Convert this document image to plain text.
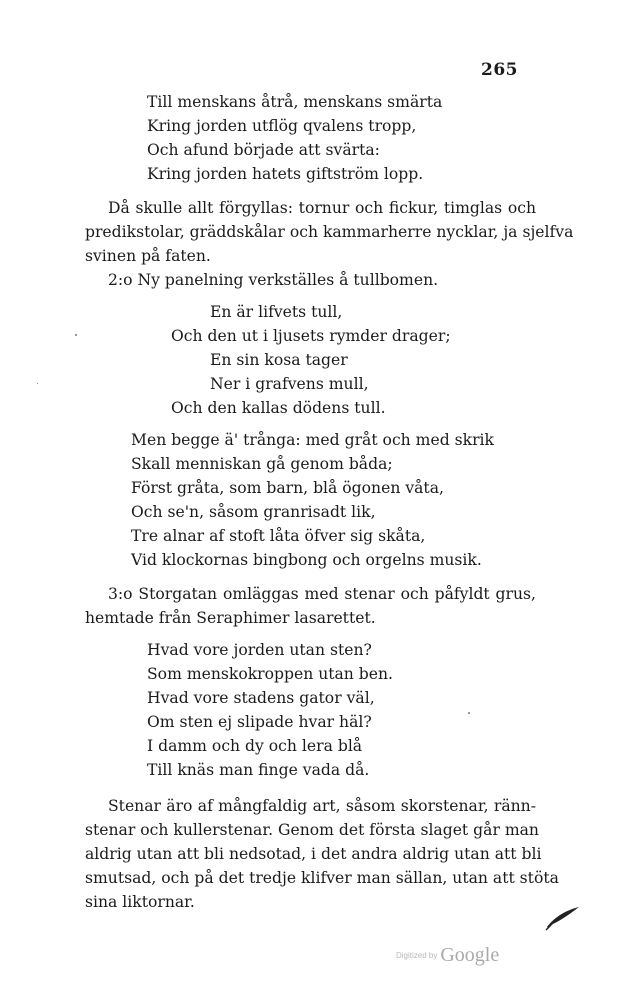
265
Till menskans åtrå, menskans smärta
Kring jorden utflög qvalens tropp,
Och afund började att svärta:
Kring jorden hatets giftström lopp.
Då skulle allt förgyllas: tornur och fickur, timglas och
predikstolar, gräddskålar och kammarherre nycklar, ja sjelfva
svinen på faten.
2:o Ny panelning verkställes å tullbomen.
En är lifvets tull,
Och den ut i ljusets rymder drager;
En sin kosa tager
Ner i grafvens mull,
Och den kallas dödens tull.
Men begge ä' trånga: med gråt och med skrik
Skall menniskan gå genom båda;
Först gråta, som barn, blå ögonen våta,
Och se'n, såsom granrisadt lik,
Tre alnar af stoft låta öfver sig skåta,
Vid klockornas bingbong och orgelns musik.
3:o Storgatan omläggas med stenar och påfyldt grus,
hemtade från Seraphimer lasarettet.
Hvad vore jorden utan sten?
Som menskokroppen utan ben.
Hvad vore stadens gator väl,
Om sten ej slipade hvar häl?
I damm och dy och lera blå
Till knäs man finge vada då.
Stenar äro af mångfaldig art, såsom skorstenar, ränn-
stenar och kullerstenar. Genom det första slaget går man
aldrig utan att bli nedsotad, i det andra aldrig utan att bli
smutsad, och på det tredje klifver man sällan, utan att stöta
sina liktornar.
Digitized by Google
